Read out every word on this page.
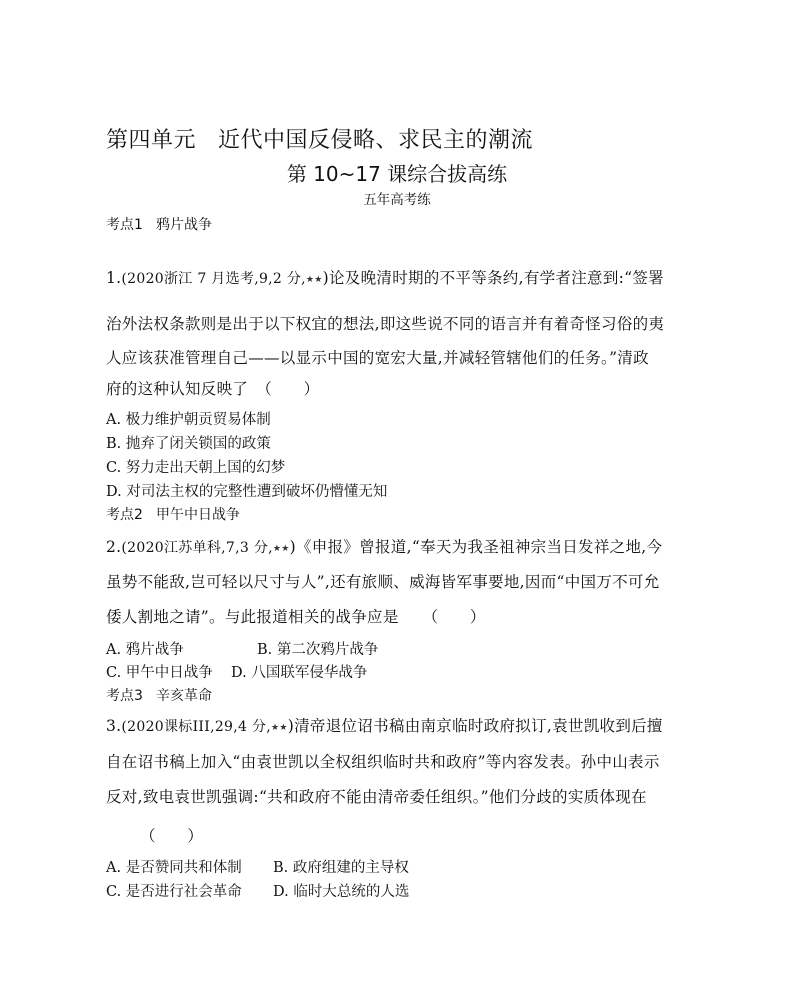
第四单元 近代中国反侵略、求民主的潮流
第 10~17 课综合拔高练
五年高考练
考点1 鸦片战争
1.(2020浙江 7 月选考,9,2 分,★★)论及晚清时期的不平等条约,有学者注意到:“签署
治外法权条款则是出于以下权宜的想法,即这些说不同的语言并有着奇怪习俗的夷
人应该获准管理自己——以显示中国的宽宏大量,并减轻管辖他们的任务。”清政
府的这种认知反映了　（　　）
A. 极力维护朝贡贸易体制
B. 抛弃了闭关锁国的政策
C. 努力走出天朝上国的幻梦
D. 对司法主权的完整性遭到破坏仍懵懂无知
考点2 甲午中日战争
2.(2020江苏单科,7,3 分,★★)《申报》曾报道,“奉天为我圣祖神宗当日发祥之地,今
虽势不能敌,岂可轻以尺寸与人”,还有旅顺、威海皆军事要地,因而“中国万不可允
倭人割地之请”。与此报道相关的战争应是　　（　　）
A. 鸦片战争	B. 第二次鸦片战争
C. 甲午中日战争 D. 八国联军侵华战争
考点3 辛亥革命
3.(2020课标III,29,4 分,★★)清帝退位诏书稿由南京临时政府拟订,袁世凯收到后擅
自在诏书稿上加入“由袁世凯以全权组织临时共和政府”等内容发表。孙中山表示
反对,致电袁世凯强调:“共和政府不能由清帝委任组织。”他们分歧的实质体现在
（　　）
A. 是否赞同共和体制 B. 政府组建的主导权
C. 是否进行社会革命 D. 临时大总统的人选
